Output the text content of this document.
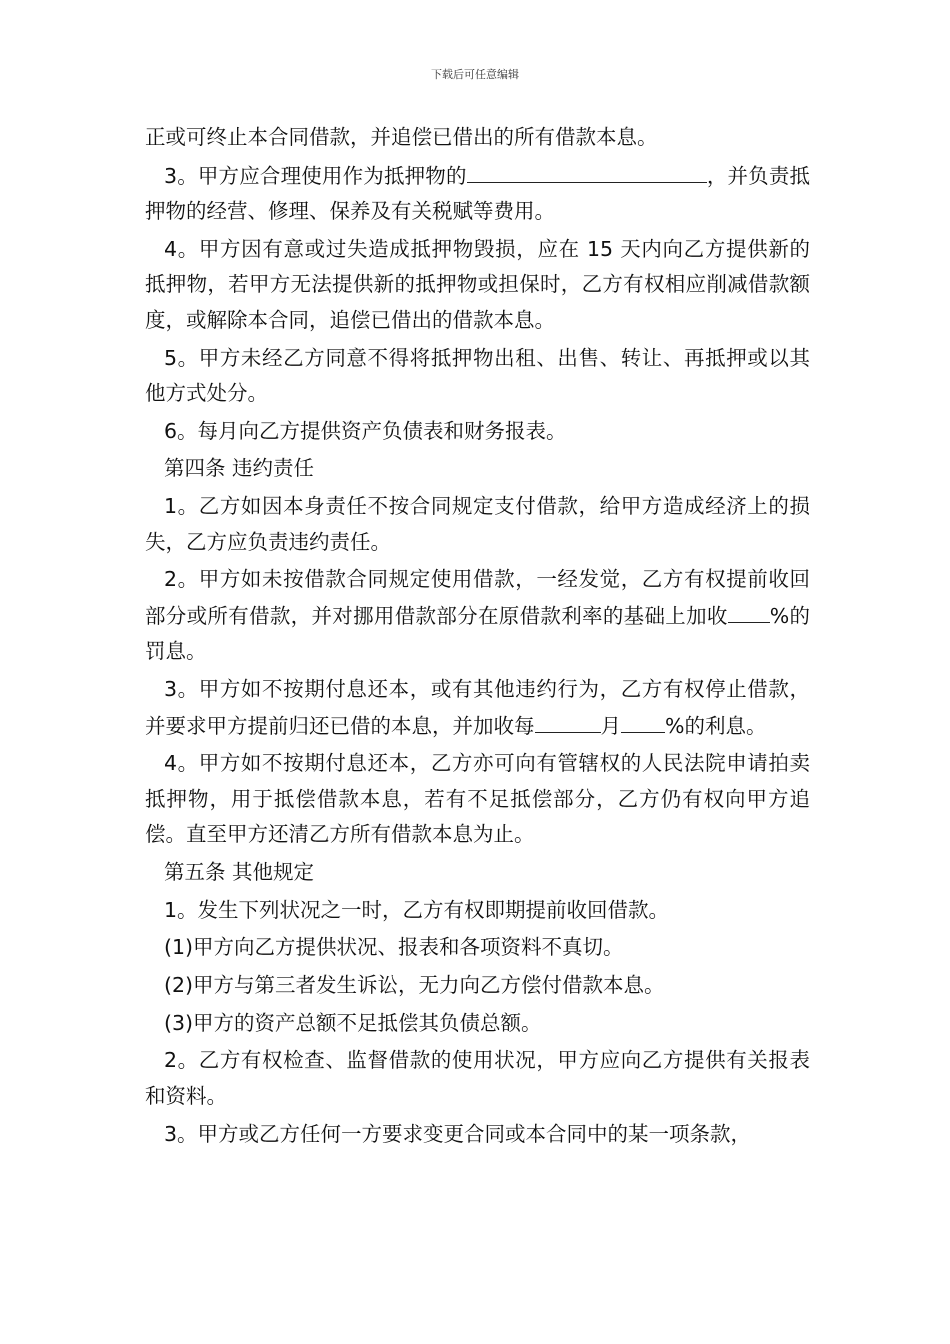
下载后可任意编辑

正或可终止本合同借款，并追偿已借出的所有借款本息。

3。甲方应合理使用作为抵押物的	，并负责抵押物的经营、修理、保养及有关税赋等费用。

4。甲方因有意或过失造成抵押物毁损，应在 15 天内向乙方提供新的抵押物，若甲方无法提供新的抵押物或担保时，乙方有权相应削减借款额度，或解除本合同，追偿已借出的借款本息。

5。甲方未经乙方同意不得将抵押物出租、出售、转让、再抵押或以其他方式处分。

6。每月向乙方提供资产负债表和财务报表。

第四条 违约责任

1。乙方如因本身责任不按合同规定支付借款，给甲方造成经济上的损失，乙方应负责违约责任。

2。甲方如未按借款合同规定使用借款，一经发觉，乙方有权提前收回部分或所有借款，并对挪用借款部分在原借款利率的基础上加收 %的罚息。

3。甲方如不按期付息还本，或有其他违约行为，乙方有权停止借款，并要求甲方提前归还已借的本息，并加收每	月 %的利息。

4。甲方如不按期付息还本，乙方亦可向有管辖权的人民法院申请拍卖抵押物，用于抵偿借款本息，若有不足抵偿部分，乙方仍有权向甲方追偿。直至甲方还清乙方所有借款本息为止。

第五条 其他规定

1。发生下列状况之一时，乙方有权即期提前收回借款。

(1)甲方向乙方提供状况、报表和各项资料不真切。

(2)甲方与第三者发生诉讼，无力向乙方偿付借款本息。

(3)甲方的资产总额不足抵偿其负债总额。

2。乙方有权检查、监督借款的使用状况，甲方应向乙方提供有关报表和资料。

3。甲方或乙方任何一方要求变更合同或本合同中的某一项条款，
